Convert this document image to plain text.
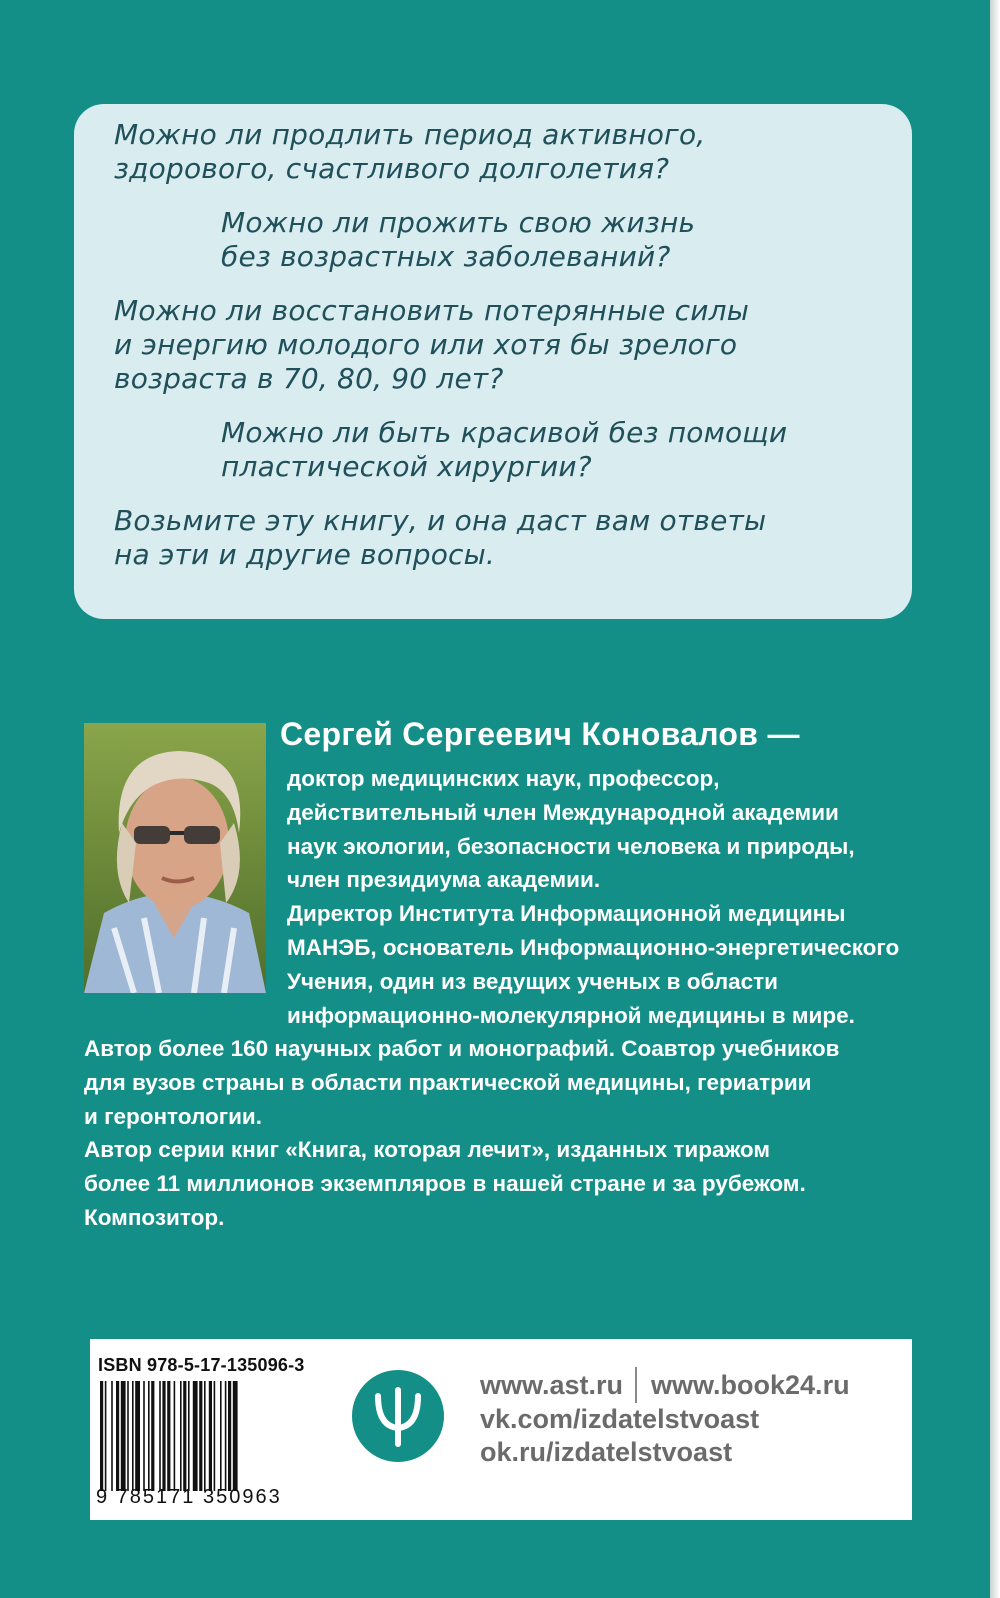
Можно ли продлить период активного,
здорового, счастливого долголетия?

Можно ли прожить свою жизнь
без возрастных заболеваний?

Можно ли восстановить потерянные силы
и энергию молодого или хотя бы зрелого
возраста в 70, 80, 90 лет?

Можно ли быть красивой без помощи
пластической хирургии?

Возьмите эту книгу, и она даст вам ответы
на эти и другие вопросы.

Сергей Сергеевич Коновалов —
доктор медицинских наук, профессор,
действительный член Международной академии
наук экологии, безопасности человека и природы,
член президиума академии.
Директор Института Информационной медицины
МАНЭБ, основатель Информационно-энергетического
Учения, один из ведущих ученых в области
информационно-молекулярной медицины в мире.
Автор более 160 научных работ и монографий. Соавтор учебников
для вузов страны в области практической медицины, гериатрии
и геронтологии.
Автор серии книг «Книга, которая лечит», изданных тиражом
более 11 миллионов экземпляров в нашей стране и за рубежом.
Композитор.
ISBN 978-5-17-135096-3
9 785171 350963
www.ast.ru www.book24.ru
vk.com/izdatelstvoast
ok.ru/izdatelstvoast
